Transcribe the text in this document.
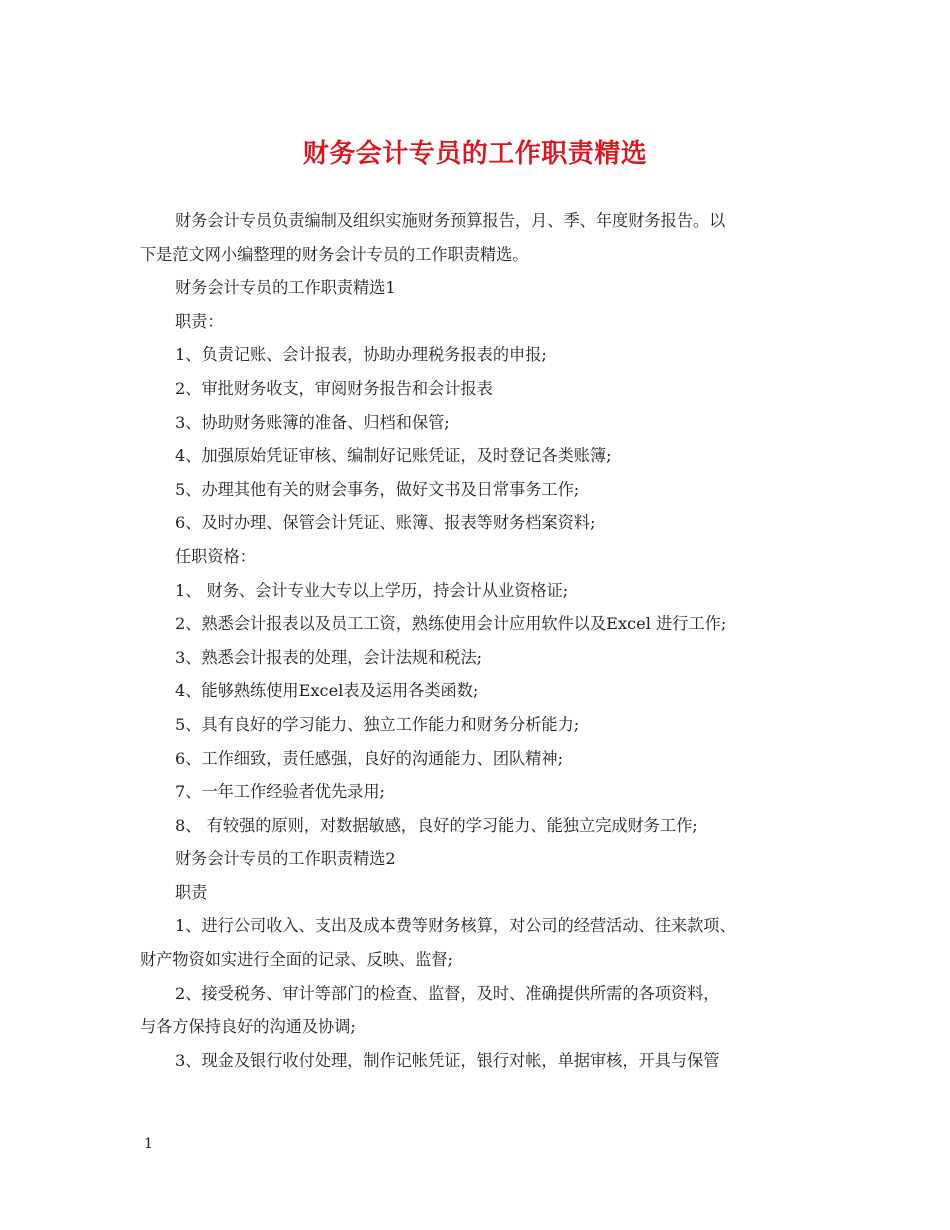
财务会计专员的工作职责精选

财务会计专员负责编制及组织实施财务预算报告，月、季、年度财务报告。以

下是范文网小编整理的财务会计专员的工作职责精选。

财务会计专员的工作职责精选1

职责：

1、负责记账、会计报表，协助办理税务报表的申报;

2、审批财务收支，审阅财务报告和会计报表

3、协助财务账簿的准备、归档和保管;

4、加强原始凭证审核、编制好记账凭证，及时登记各类账簿;

5、办理其他有关的财会事务，做好文书及日常事务工作;

6、及时办理、保管会计凭证、账簿、报表等财务档案资料;

任职资格：

1、 财务、会计专业大专以上学历，持会计从业资格证;

2、熟悉会计报表以及员工工资，熟练使用会计应用软件以及Excel 进行工作;

3、熟悉会计报表的处理，会计法规和税法;

4、能够熟练使用Excel表及运用各类函数;

5、具有良好的学习能力、独立工作能力和财务分析能力;

6、工作细致，责任感强，良好的沟通能力、团队精神;

7、一年工作经验者优先录用;

8、 有较强的原则，对数据敏感，良好的学习能力、能独立完成财务工作;

财务会计专员的工作职责精选2

职责

1、进行公司收入、支出及成本费等财务核算，对公司的经营活动、往来款项、

财产物资如实进行全面的记录、反映、监督;

2、接受税务、审计等部门的检查、监督，及时、准确提供所需的各项资料，

与各方保持良好的沟通及协调;

3、现金及银行收付处理，制作记帐凭证，银行对帐，单据审核，开具与保管

1
